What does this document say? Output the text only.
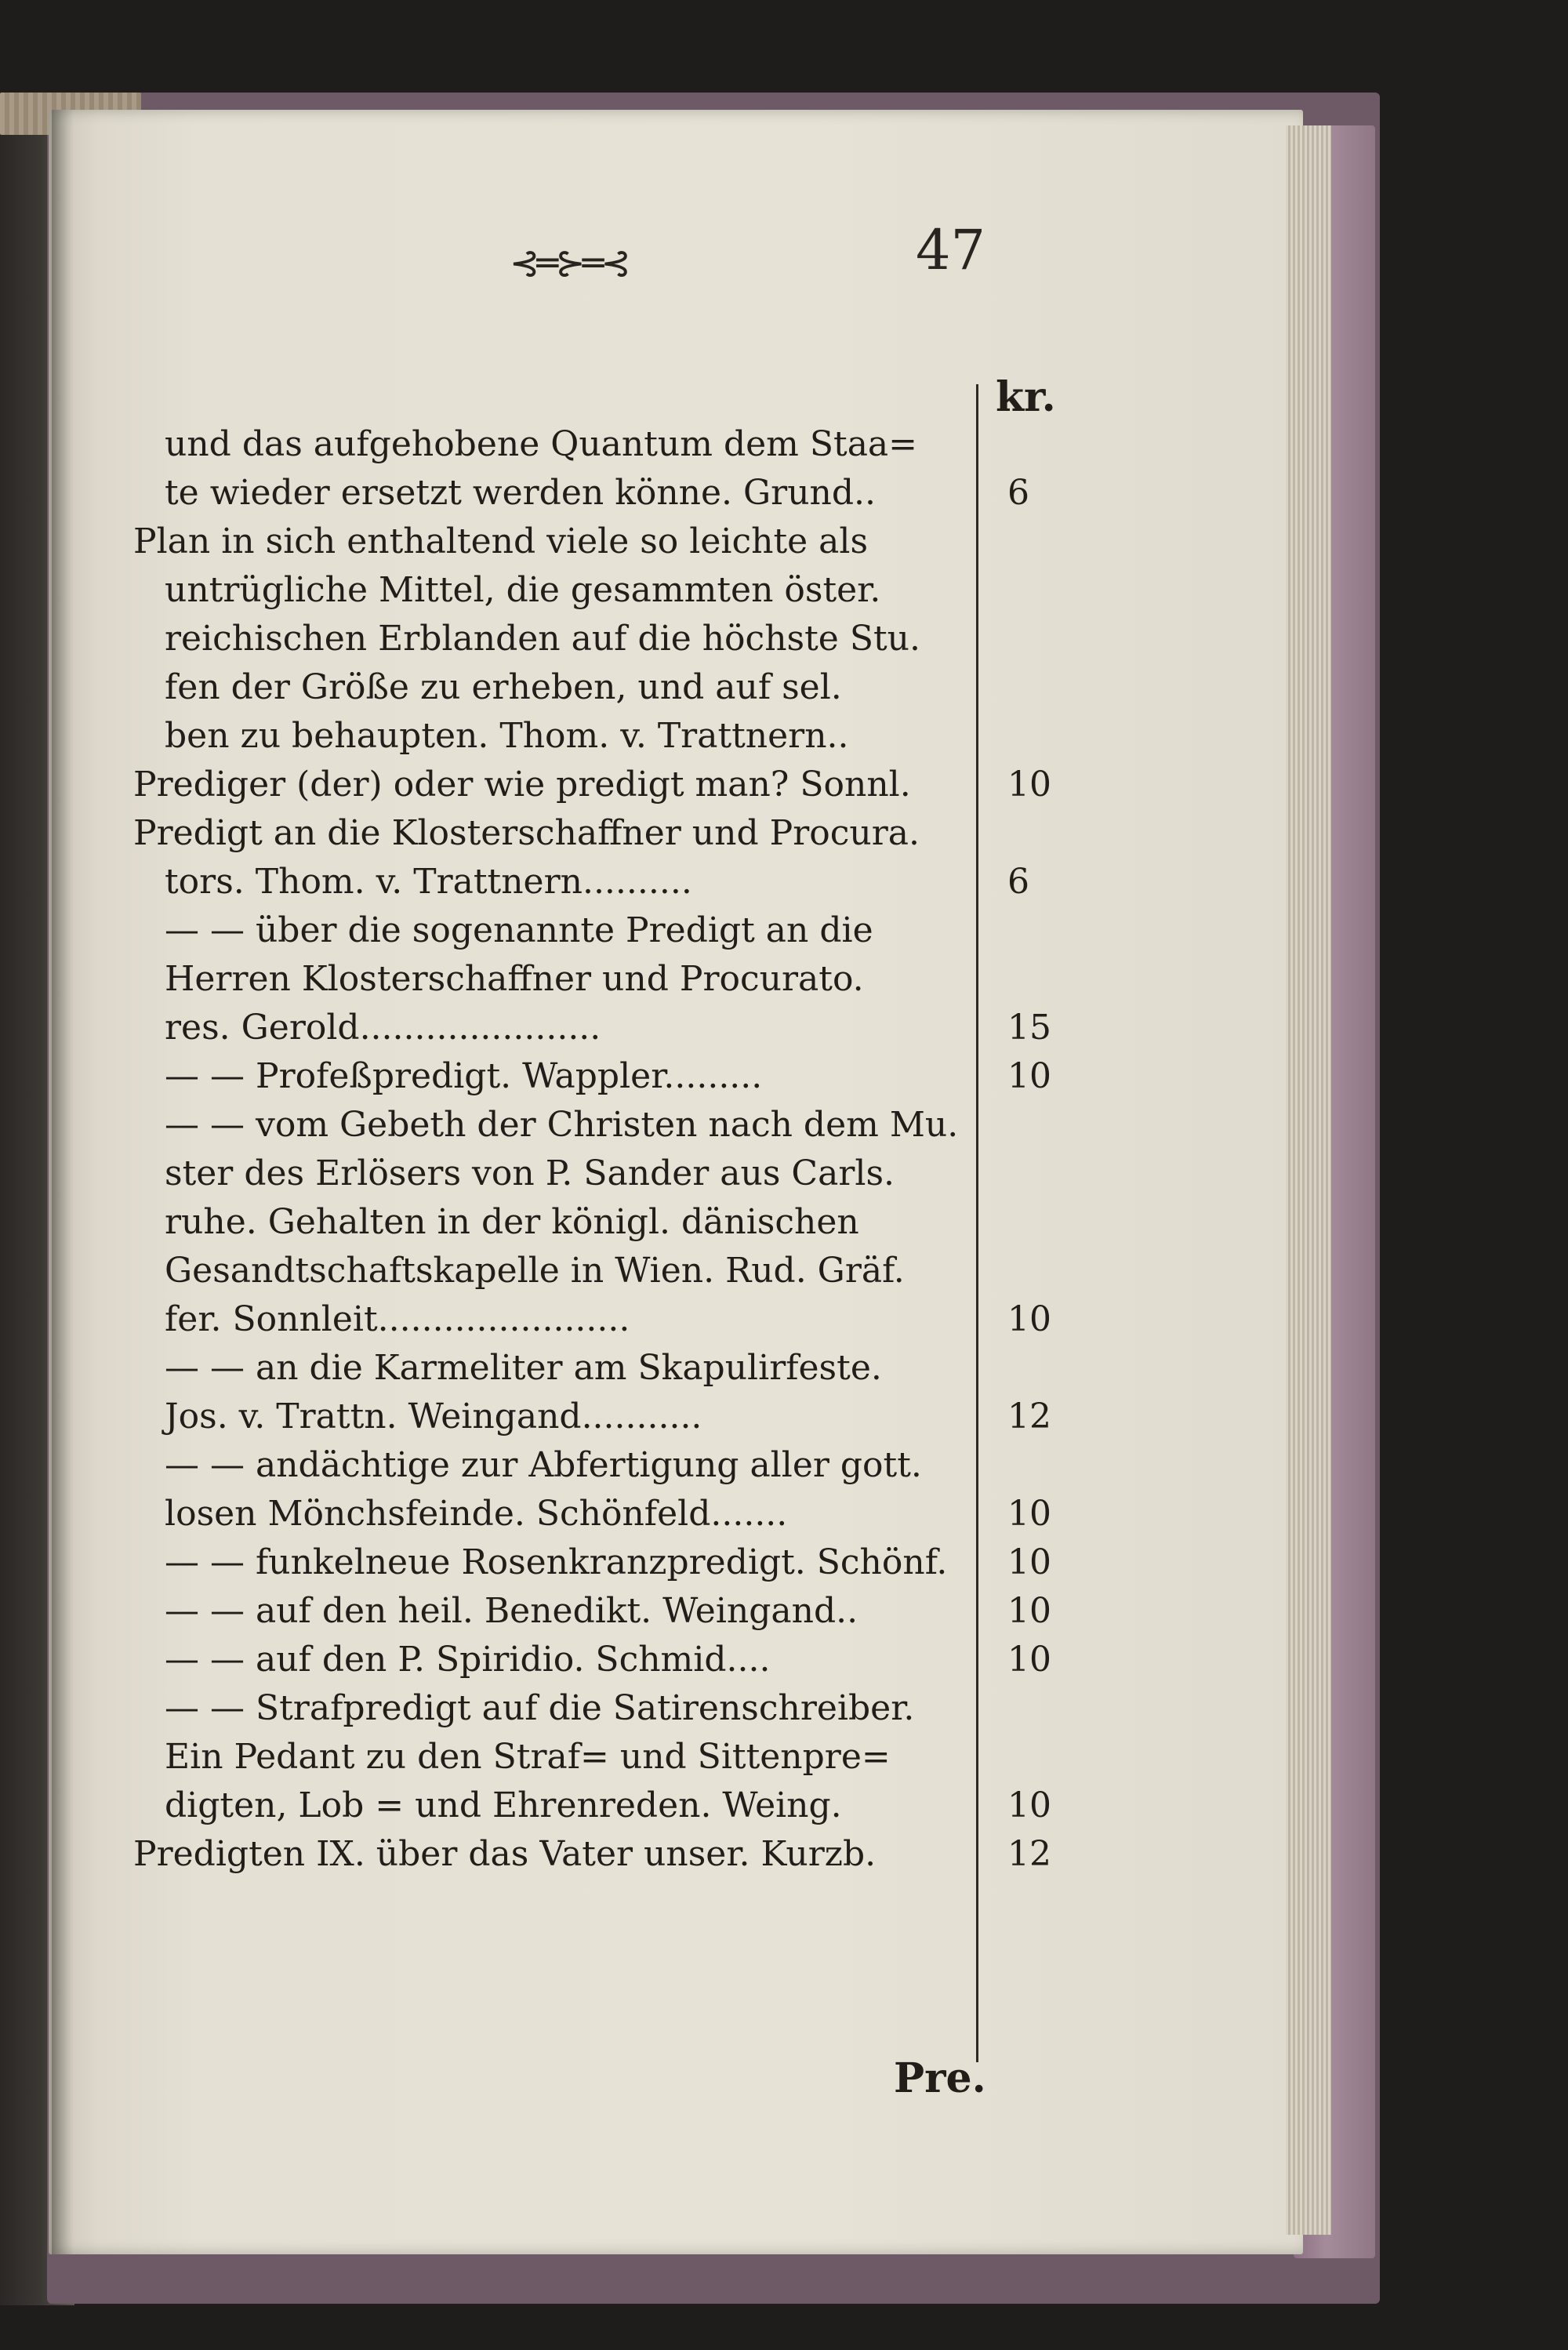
⊰═⊱═⊰	47
kr.
und das aufgehobene Quantum dem Staa=
te wieder ersetzt werden könne. Grund..	6
Plan in sich enthaltend viele so leichte als
untrügliche Mittel, die gesammten öster.
reichischen Erblanden auf die höchste Stu.
fen der Größe zu erheben, und auf sel.
ben zu behaupten. Thom. v. Trattnern..
Prediger (der) oder wie predigt man? Sonnl.	10
Predigt an die Klosterschaffner und Procura.
tors. Thom. v. Trattnern..........	6
— — über die sogenannte Predigt an die
Herren Klosterschaffner und Procurato.
res. Gerold......................	15
— — Profeßpredigt. Wappler.........	10
— — vom Gebeth der Christen nach dem Mu.
ster des Erlösers von P. Sander aus Carls.
ruhe. Gehalten in der königl. dänischen
Gesandtschaftskapelle in Wien. Rud. Gräf.
fer. Sonnleit.......................	10
— — an die Karmeliter am Skapulirfeste.
Jos. v. Trattn. Weingand...........	12
— — andächtige zur Abfertigung aller gott.
losen Mönchsfeinde. Schönfeld.......	10
— — funkelneue Rosenkranzpredigt. Schönf. 10
— — auf den heil. Benedikt. Weingand..	10
— — auf den P. Spiridio. Schmid....	10
— — Strafpredigt auf die Satirenschreiber.
Ein Pedant zu den Straf= und Sittenpre=
digten, Lob = und Ehrenreden. Weing.	10
Predigten IX. über das Vater unser. Kurzb.	12
Pre.
